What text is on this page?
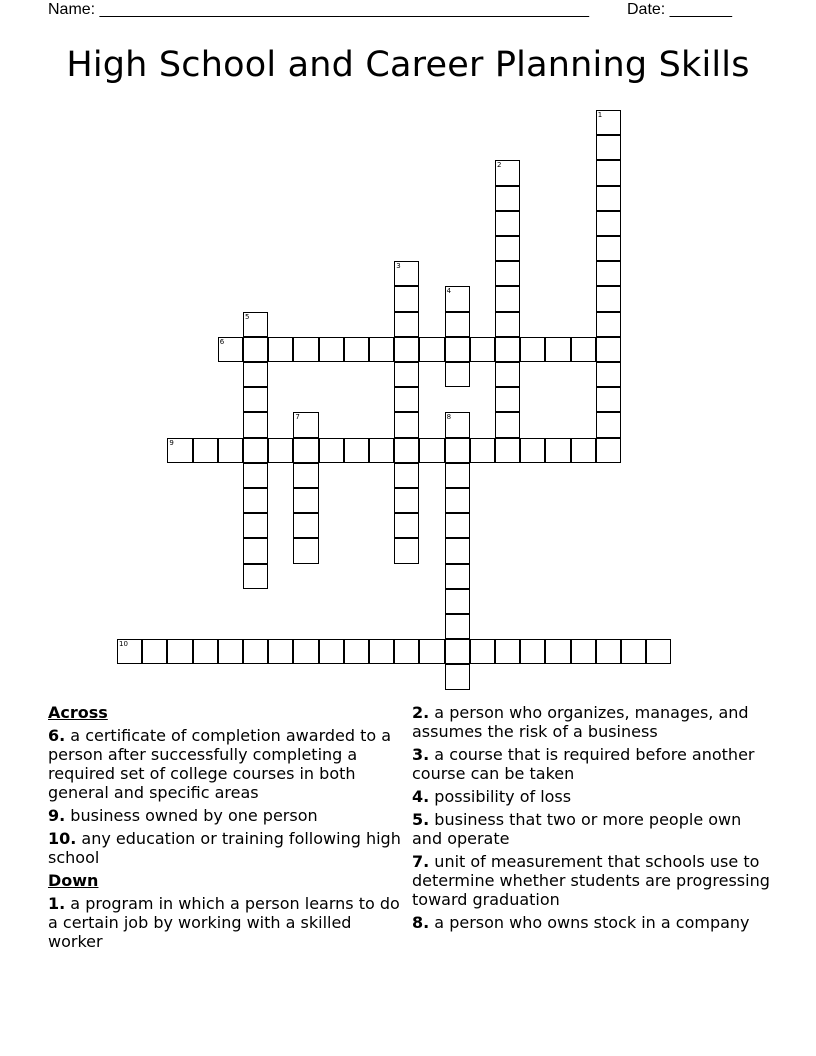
Name: _______________________________________________________

Date: _______

High School and Career Planning Skills
1
2
3
4
5
6
7	8
9
10
Across
6. a certificate of completion awarded to a person after successfully completing a required set of college courses in both general and specific areas
9. business owned by one person
10. any education or training following high school
Down
1. a program in which a person learns to do a certain job by working with a skilled worker
2. a person who organizes, manages, and assumes the risk of a business
3. a course that is required before another course can be taken
4. possibility of loss
5. business that two or more people own and operate
7. unit of measurement that schools use to determine whether students are progressing toward graduation
8. a person who owns stock in a company
